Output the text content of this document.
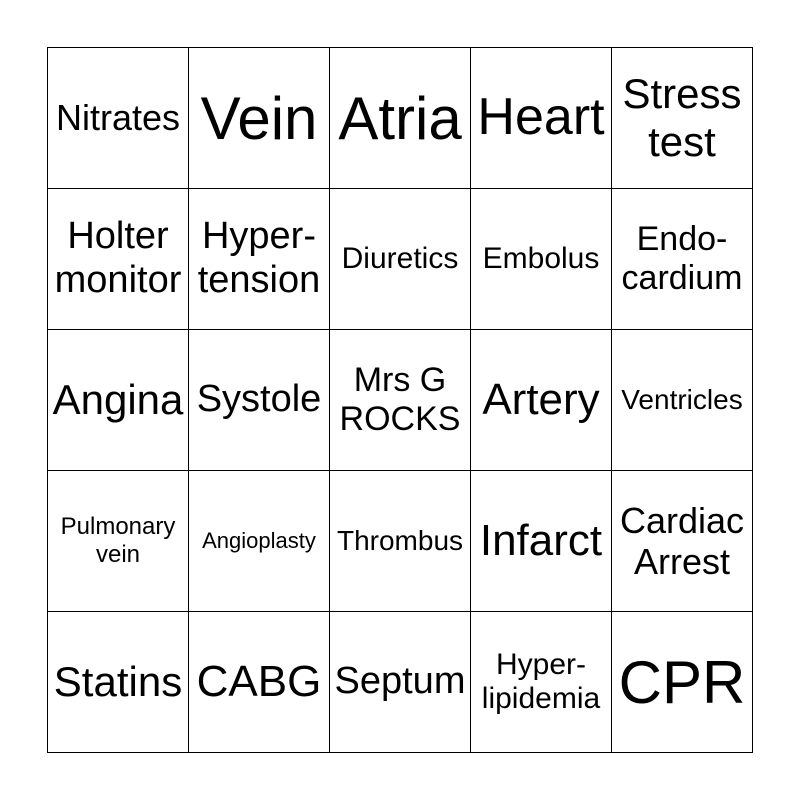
Nitrates Vein Atria Heart Stress
test
Holter
monitor
Hyper-
tension
Diuretics Embolus
Endo-
cardium
Angina Systole Mrs G
ROCKS Artery Ventricles
Pulmonary
vein
Angioplasty Thrombus Infarct Cardiac
Arrest
Statins CABG Septum	Hyper-
lipidemia CPR
